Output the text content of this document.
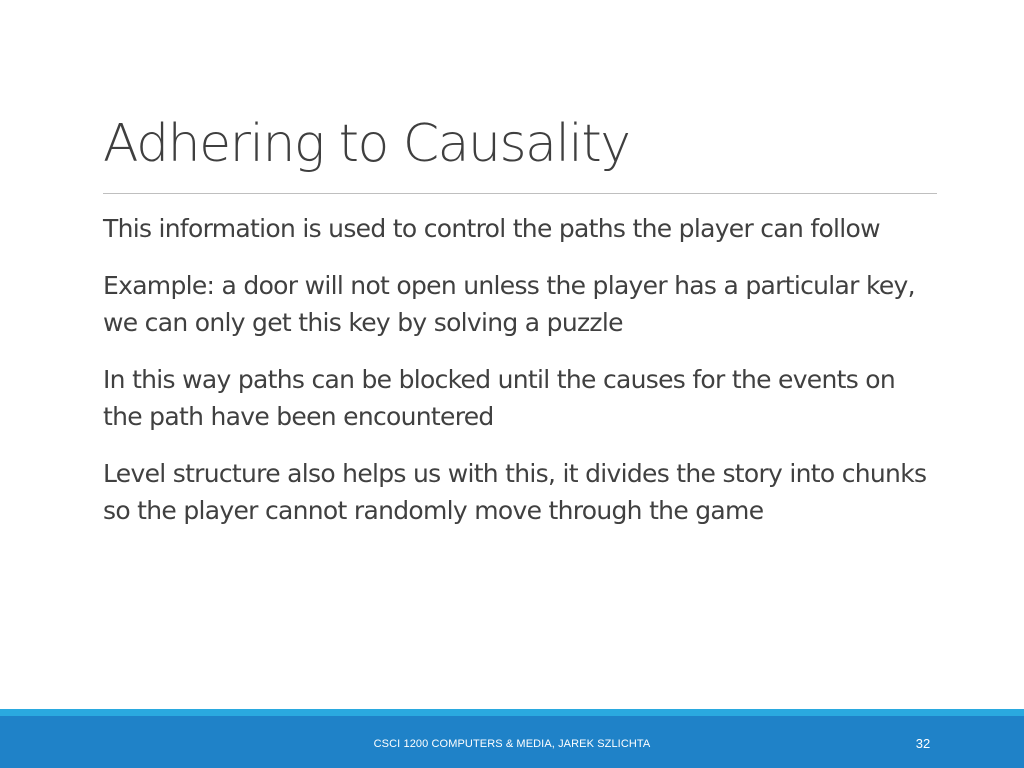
Adhering to Causality
This information is used to control the paths the player can follow
Example: a door will not open unless the player has a particular key, we can only get this key by solving a puzzle
In this way paths can be blocked until the causes for the events on the path have been encountered
Level structure also helps us with this, it divides the story into chunks so the player cannot randomly move through the game
CSCI 1200 COMPUTERS & MEDIA, JAREK SZLICHTA	32
